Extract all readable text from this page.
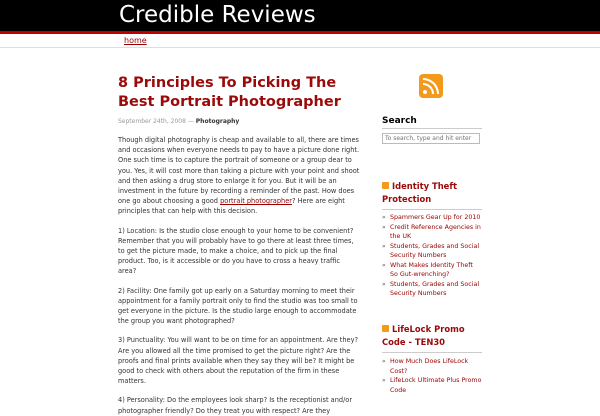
Credible Reviews
home
8 Principles To Picking The Best Portrait Photographer
September 24th, 2008 — Photography
Though digital photography is cheap and available to all, there are times and occasions when everyone needs to pay to have a picture done right. One such time is to capture the portrait of someone or a group dear to you. Yes, it will cost more than taking a picture with your point and shoot and then asking a drug store to enlarge it for you. But it will be an investment in the future by recording a reminder of the past. How does one go about choosing a good portrait photographer? Here are eight principles that can help with this decision.
1) Location: Is the studio close enough to your home to be convenient? Remember that you will probably have to go there at least three times, to get the picture made, to make a choice, and to pick up the final product. Too, is it accessible or do you have to cross a heavy traffic area?
2) Facility: One family got up early on a Saturday morning to meet their appointment for a family portrait only to find the studio was too small to get everyone in the picture. Is the studio large enough to accommodate the group you want photographed?
3) Punctuality: You will want to be on time for an appointment. Are they? Are you allowed all the time promised to get the picture right? Are the proofs and final prints available when they say they will be? It might be good to check with others about the reputation of the firm in these matters.
4) Personality: Do the employees look sharp? Is the receptionist and/or photographer friendly? Do they treat you with respect? Are they
Search
To search, type and hit enter
Identity Theft Protection
» Spammers Gear Up for 2010
» Credit Reference Agencies in the UK
» Students, Grades and Social Security Numbers
» What Makes Identity Theft So Gut-wrenching?
» Students, Grades and Social Security Numbers
LifeLock Promo Code - TEN30
» How Much Does LifeLock Cost?
» LifeLock Ultimate Plus Promo Code
